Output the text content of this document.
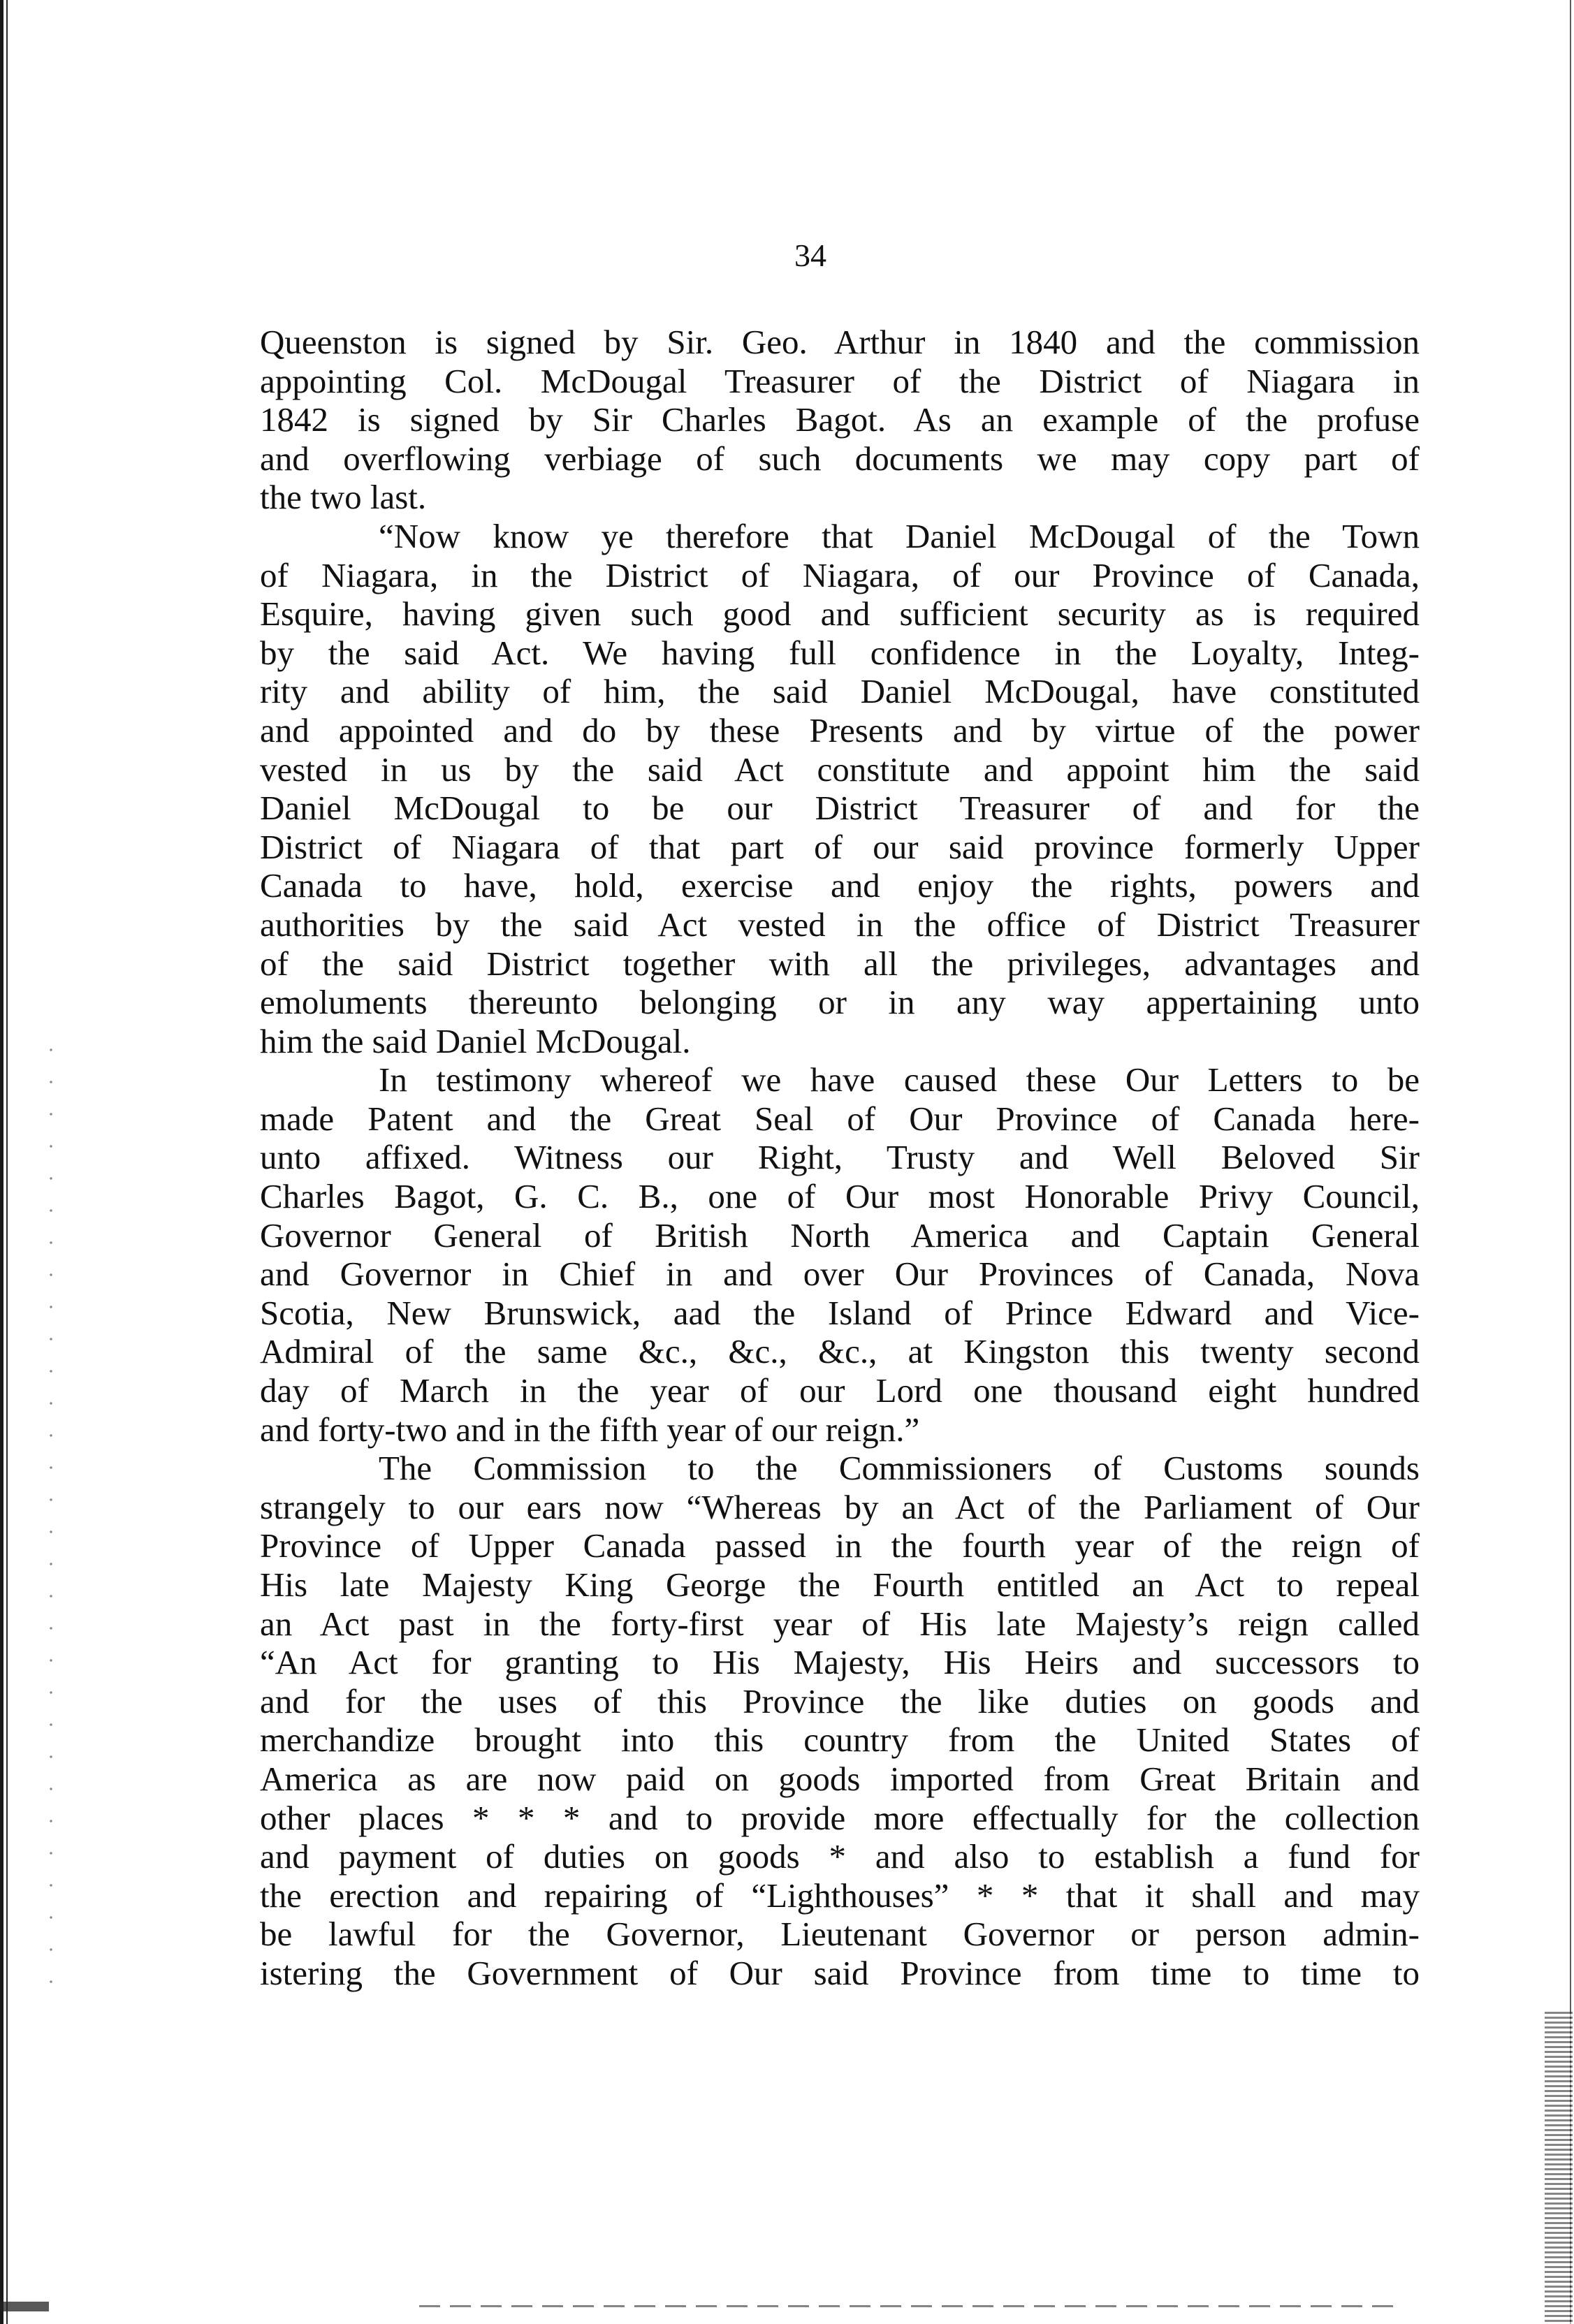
34

Queenston is signed by Sir. Geo. Arthur in 1840 and the commission
appointing Col. McDougal Treasurer of the District of Niagara in
1842 is signed by Sir Charles Bagot. As an example of the profuse
and overflowing verbiage of such documents we may copy part of
the two last.

“Now know ye therefore that Daniel McDougal of the Town
of Niagara, in the District of Niagara, of our Province of Canada,
Esquire, having given such good and sufficient security as is required
by the said Act. We having full confidence in the Loyalty, Integ-
rity and ability of him, the said Daniel McDougal, have constituted
and appointed and do by these Presents and by virtue of the power
vested in us by the said Act constitute and appoint him the said
Daniel McDougal to be our District Treasurer of and for the
District of Niagara of that part of our said province formerly Upper
Canada to have, hold, exercise and enjoy the rights, powers and
authorities by the said Act vested in the office of District Treasurer
of the said District together with all the privileges, advantages and
emoluments thereunto belonging or in any way appertaining unto
him the said Daniel McDougal.

In testimony whereof we have caused these Our Letters to be
made Patent and the Great Seal of Our Province of Canada here-
unto affixed. Witness our Right, Trusty and Well Beloved Sir
Charles Bagot, G. C. B., one of Our most Honorable Privy Council,
Governor General of British North America and Captain General
and Governor in Chief in and over Our Provinces of Canada, Nova
Scotia, New Brunswick, aad the Island of Prince Edward and Vice-
Admiral of the same &c., &c., &c., at Kingston this twenty second
day of March in the year of our Lord one thousand eight hundred
and forty-two and in the fifth year of our reign.”

The Commission to the Commissioners of Customs sounds
strangely to our ears now “Whereas by an Act of the Parliament of Our
Province of Upper Canada passed in the fourth year of the reign of
His late Majesty King George the Fourth entitled an Act to repeal
an Act past in the forty-first year of His late Majesty’s reign called
“An Act for granting to His Majesty, His Heirs and successors to
and for the uses of this Province the like duties on goods and
merchandize brought into this country from the United States of
America as are now paid on goods imported from Great Britain and
other places * * * and to provide more effectually for the collection
and payment of duties on goods * and also to establish a fund for
the erection and repairing of “Lighthouses” * * that it shall and may
be lawful for the Governor, Lieutenant Governor or person admin-
istering the Government of Our said Province from time to time to
